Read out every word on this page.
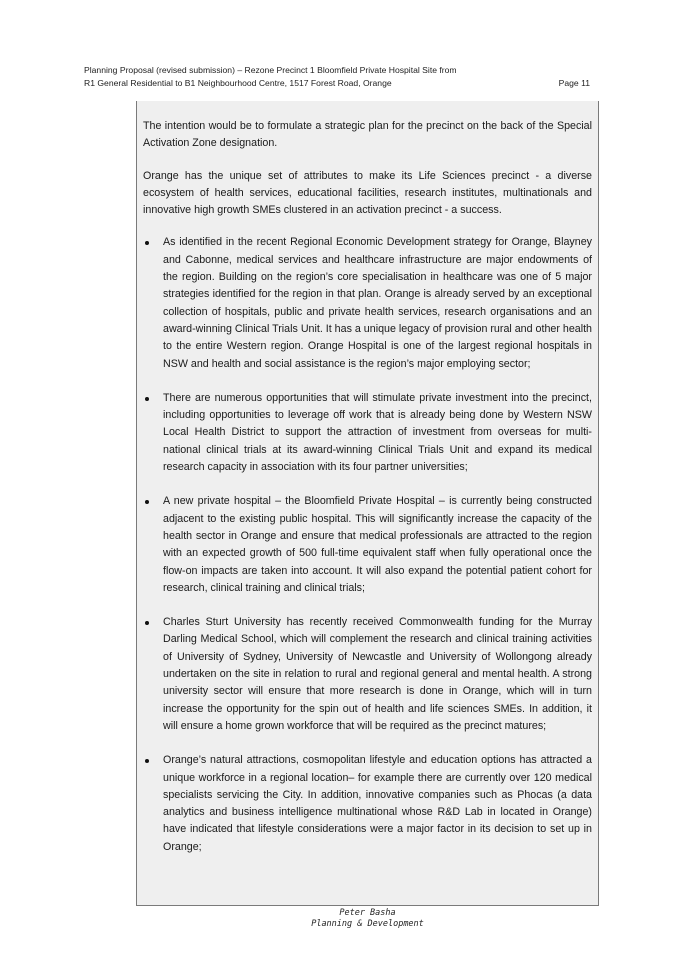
Planning Proposal (revised submission) – Rezone Precinct 1 Bloomfield Private Hospital Site from
R1 General Residential to B1 Neighbourhood Centre, 1517 Forest Road, Orange	Page 11

The intention would be to formulate a strategic plan for the precinct on the back of the Special Activation Zone designation.

Orange has the unique set of attributes to make its Life Sciences precinct - a diverse ecosystem of health services, educational facilities, research institutes, multinationals and innovative high growth SMEs clustered in an activation precinct - a success.

As identified in the recent Regional Economic Development strategy for Orange, Blayney and Cabonne, medical services and healthcare infrastructure are major endowments of the region. Building on the region’s core specialisation in healthcare was one of 5 major strategies identified for the region in that plan. Orange is already served by an exceptional collection of hospitals, public and private health services, research organisations and an award-winning Clinical Trials Unit. It has a unique legacy of provision rural and other health to the entire Western region. Orange Hospital is one of the largest regional hospitals in NSW and health and social assistance is the region’s major employing sector;
There are numerous opportunities that will stimulate private investment into the precinct, including opportunities to leverage off work that is already being done by Western NSW Local Health District to support the attraction of investment from overseas for multi-national clinical trials at its award-winning Clinical Trials Unit and expand its medical research capacity in association with its four partner universities;
A new private hospital – the Bloomfield Private Hospital – is currently being constructed adjacent to the existing public hospital. This will significantly increase the capacity of the health sector in Orange and ensure that medical professionals are attracted to the region with an expected growth of 500 full-time equivalent staff when fully operational once the flow-on impacts are taken into account. It will also expand the potential patient cohort for research, clinical training and clinical trials;
Charles Sturt University has recently received Commonwealth funding for the Murray Darling Medical School, which will complement the research and clinical training activities of University of Sydney, University of Newcastle and University of Wollongong already undertaken on the site in relation to rural and regional general and mental health. A strong university sector will ensure that more research is done in Orange, which will in turn increase the opportunity for the spin out of health and life sciences SMEs. In addition, it will ensure a home grown workforce that will be required as the precinct matures;
Orange’s natural attractions, cosmopolitan lifestyle and education options has attracted a unique workforce in a regional location– for example there are currently over 120 medical specialists servicing the City. In addition, innovative companies such as Phocas (a data analytics and business intelligence multinational whose R&D Lab in located in Orange) have indicated that lifestyle considerations were a major factor in its decision to set up in Orange;
Peter Basha
Planning & Development
